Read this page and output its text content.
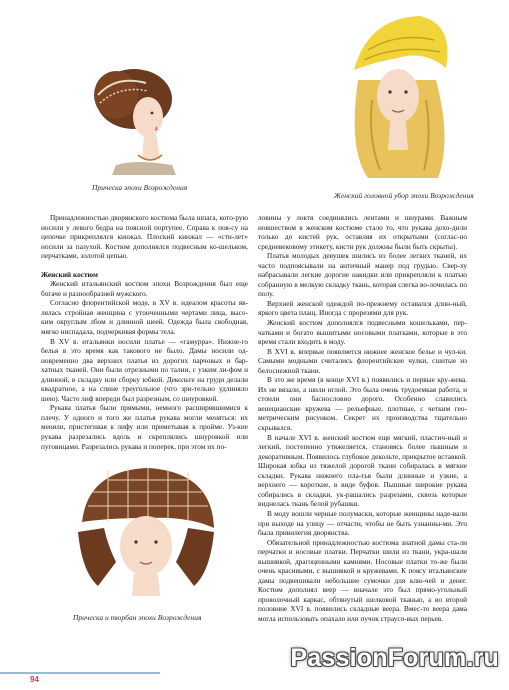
Прическа эпохи Возрождения
Женский головной убор эпохи Возрождения
Прическа и тюрбан эпохи Возрождения

Принадлежностью дворянского костюма была шпага, кото-рую носили у левого бедра на поясной портупее. Справа к поя-су на цепочке прикреплялся кинжал. Плоский кинжал — «сти-лет» носили за пазухой. Костюм дополнялся подвесным ко-шельком, перчатками, золотой цепью.

Женский костюм

Женский итальянский костюм эпохи Возрождения был еще богаче и разнообразней мужского.

Согласно флорентийской моде, в XV в. идеалом красоты яв-лялась стройная женщина с утонченными чертами лица, высо-ким округлым лбом и длинной шеей. Одежда была свободная, мягко ниспадала, подчеркивая формы тела.

В XV в. итальянки носили платье — «гамурра». Нижне-го белья в это время как такового не было. Дамы носили од-новременно два верхних платья из дорогих парчовых и бар-хатных тканей. Они были отрезными по талии, с узким ли-фом и длинной, в складку или сборку юбкой. Декольте на груди делали квадратное, а на спине треугольное (что зри-тельно удлиняло шею). Часто лиф впереди был разрезным, со шнуровкой.

Рукава платья были прямыми, немного расширявшимися к плечу. У одного и того же платья рукава могли меняться: их меняли, пристегивая к лифу или приметывая к пройме. Уз-кие рукава разрезались вдоль и скреплялись шнуровкой или пуговицами. Разрезались рукава и поперек, при этом их по-

ловины у локтя соединялись лентами и шнурами. Важным новшеством в женском костюме стало то, что рукава дохо-дили только до кистей рук, оставляя их открытыми (соглас-но средневековому этикету, кисти рук должны были быть скрыты).

Платья молодых девушек шились из более легких тканей, их часто подпоясывали на античный манер под грудью. Свер-ху набрасывали легкие дорогие накидки или прикрепляли к платью собранную в мелкую складку ткань, которая слегка во-лочилась по полу.

Верхней женской одеждой по-прежнему оставался длин-ный, яркого цвета плащ. Иногда с прорезями для рук.

Женский костюм дополнялся подвесными кошельками, пер-чатками и богато вышитыми носовыми платками, которые в это время стали входить в моду.

В XVI в. впервые появляется нижнее женское белье и чул-ки. Самыми модными считались флорентийские чулки, сшитые из белоснежной ткани.

В это же время (в конце XVI в.) появились и первые кру-жева. Их не вязали, а шили иглой. Это была очень трудоемкая работа, и стоили они баснословно дорого. Особенно славились венецианские кружева — рельефные, плотные, с четким гео-метрическим рисунком. Секрет их производства тщательно скрывался.

В начале XVI в. женский костюм еще мягкий, пластич-ный и легкий, постепенно утяжеляется, становясь более пышным и декоративным. Появилось глубокое декольте, прикрытое вставкой. Широкая юбка из тяжелой дорогой ткани собиралась в мягкие складки. Рукава нижнего пла-тья были длинные и узкие, а верхнего — короткие, в виде буфов. Пышные широкие рукава собирались в складки, ук-рашались разрезами, сквозь которые виднелась ткань белой рубашки.

В моду вошли черные полумаски, которые женщины наде-вали при выходе на улицу — отчасти, чтобы не быть узнанны-ми. Это была привилегия дворянства.

Обязательной принадлежностью костюма знатной дамы ста-ли перчатки и носовые платки. Перчатки шили из ткани, укра-шали вышивкой, драгоценными камнями. Носовые платки то-же были очень красивыми, с вышивкой и кружевами. К поясу итальянские дамы подвешивали небольшие сумочки для клю-чей и денег. Костюм дополнял веер — вначале это был прямо-угольный проволочный каркас, обтянутый шелковой тканью, а во второй половине XVI в. появились складные веера. Вмес-то веера дама могла использовать опахало или пучок страусо-вых перьев.

94
PassionForum.ru
